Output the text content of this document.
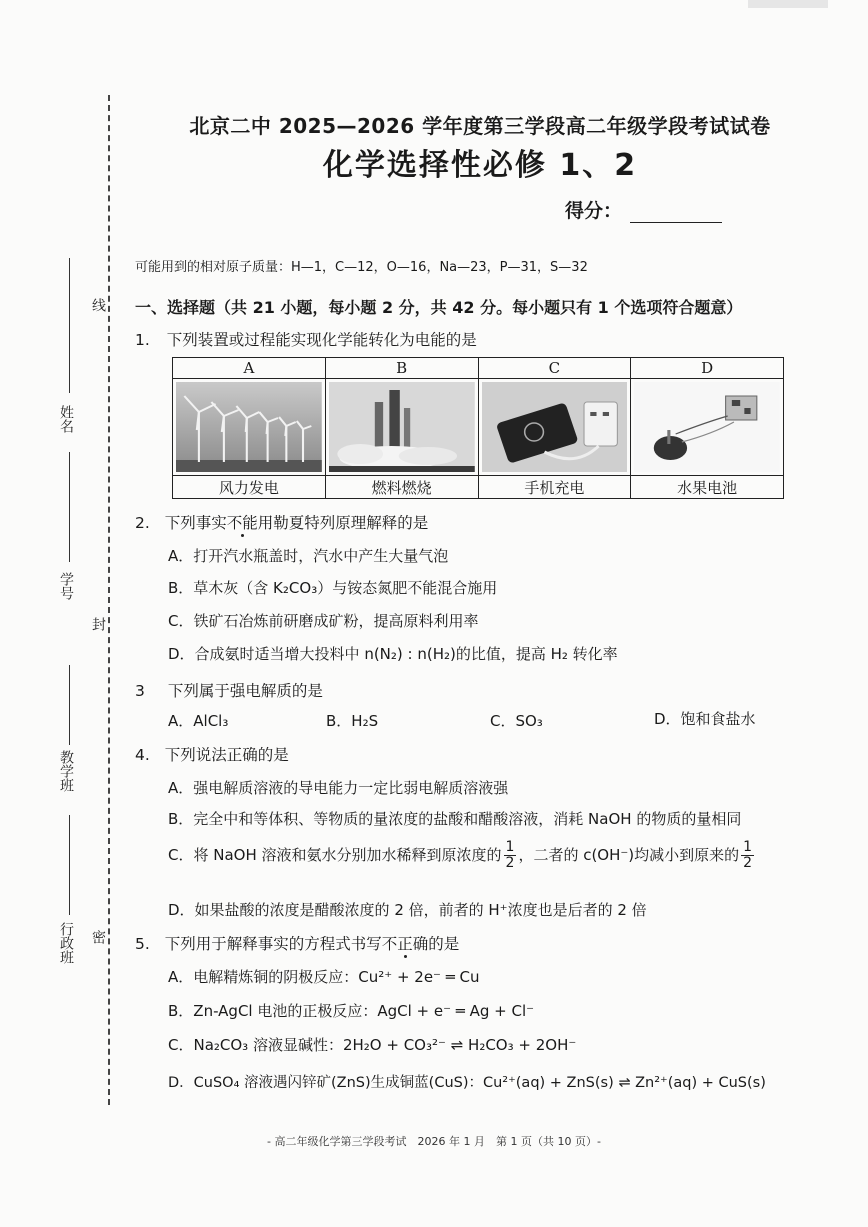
线
封
密
姓名
学号
教学班
行政班
北京二中 2025—2026 学年度第三学段高二年级学段考试试卷
化学选择性必修 1、2
得分：
可能用到的相对原子质量：H—1，C—12，O—16，Na—23，P—31，S—32
一、选择题（共 21 小题，每小题 2 分，共 42 分。每小题只有 1 个选项符合题意）
1. 下列装置或过程能实现化学能转化为电能的是
A	B	C	D

风力发电	燃料燃烧	手机充电	水果电池
2. 下列事实不能用勒夏特列原理解释的是
A．打开汽水瓶盖时，汽水中产生大量气泡
B．草木灰（含 K₂CO₃）与铵态氮肥不能混合施用
C．铁矿石冶炼前研磨成矿粉，提高原料利用率
D．合成氨时适当增大投料中 n(N₂) : n(H₂)的比值，提高 H₂ 转化率
3 下列属于强电解质的是
A．AlCl₃	B．H₂S	C．SO₃	D．饱和食盐水
4. 下列说法正确的是
A．强电解质溶液的导电能力一定比弱电解质溶液强
B．完全中和等体积、等物质的量浓度的盐酸和醋酸溶液，消耗 NaOH 的物质的量相同
C．将 NaOH 溶液和氨水分别加水稀释到原浓度的 $\frac{1}{2}$ ，二者的 c(OH⁻)均减小到原来的 $\frac{1}{2}$
D．如果盐酸的浓度是醋酸浓度的 2 倍，前者的 H⁺浓度也是后者的 2 倍
5. 下列用于解释事实的方程式书写不正确的是
A．电解精炼铜的阴极反应：Cu²⁺ + 2e⁻ ═ Cu
B．Zn-AgCl 电池的正极反应：AgCl + e⁻ ═ Ag + Cl⁻
C．Na₂CO₃ 溶液显碱性：2H₂O + CO₃²⁻ ⇌ H₂CO₃ + 2OH⁻
D．CuSO₄ 溶液遇闪锌矿(ZnS)生成铜蓝(CuS)：Cu²⁺(aq) + ZnS(s) ⇌ Zn²⁺(aq) + CuS(s)
- 高二年级化学第三学段考试　2026 年 1 月　第 1 页（共 10 页）-
